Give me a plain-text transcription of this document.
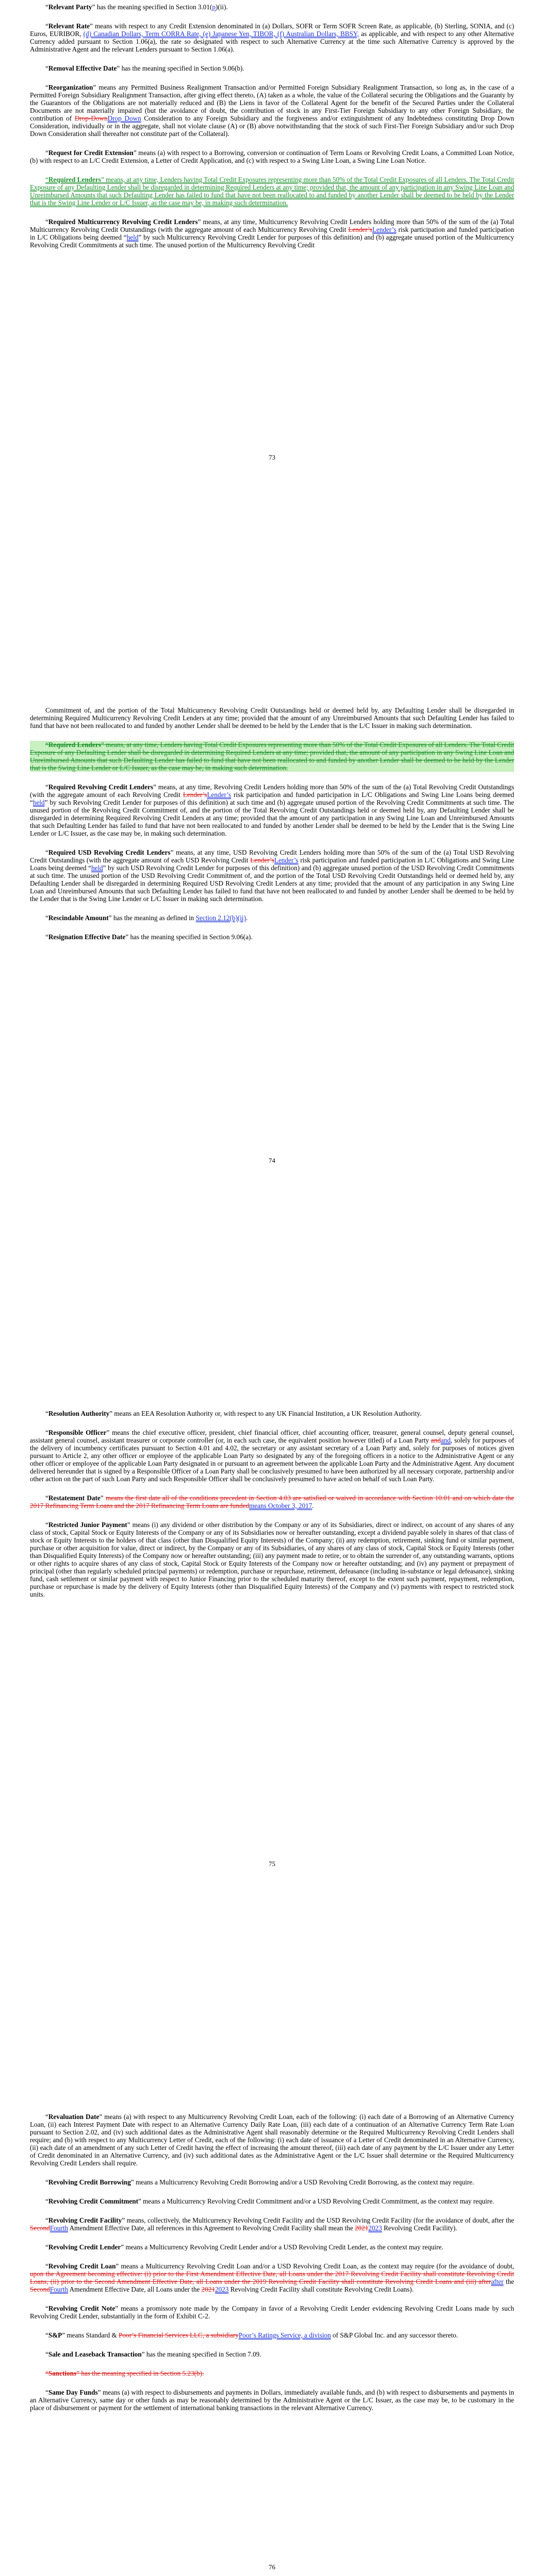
“Relevant Party” has the meaning specified in Section 3.01(p)(ii).

“Relevant Rate” means with respect to any Credit Extension denominated in (a) Dollars, SOFR or Term SOFR Screen Rate, as applicable, (b) Sterling, SONIA, and (c) Euros, EURIBOR, (d) Canadian Dollars, Term CORRA Rate, (e) Japanese Yen, TIBOR, (f) Australian Dollars, BBSY, as applicable, and with respect to any other Alternative Currency added pursuant to Section 1.06(a), the rate so designated with respect to such Alternative Currency at the time such Alternative Currency is approved by the Administrative Agent and the relevant Lenders pursuant to Section 1.06(a).

“Removal Effective Date” has the meaning specified in Section 9.06(b).

“Reorganization” means any Permitted Business Realignment Transaction and/or Permitted Foreign Subsidiary Realignment Transaction, so long as, in the case of a Permitted Foreign Subsidiary Realignment Transaction, after giving effect thereto, (A) taken as a whole, the value of the Collateral securing the Obligations and the Guaranty by the Guarantors of the Obligations are not materially reduced and (B) the Liens in favor of the Collateral Agent for the benefit of the Secured Parties under the Collateral Documents are not materially impaired (but the avoidance of doubt, the contribution of stock in any First-Tier Foreign Subsidiary to any other Foreign Subsidiary, the contribution of Drop-DownDrop Down Consideration to any Foreign Subsidiary and the forgiveness and/or extinguishment of any Indebtedness constituting Drop Down Consideration, individually or in the aggregate, shall not violate clause (A) or (B) above notwithstanding that the stock of such First-Tier Foreign Subsidiary and/or such Drop Down Consideration shall thereafter not constitute part of the Collateral).

“Request for Credit Extension” means (a) with respect to a Borrowing, conversion or continuation of Term Loans or Revolving Credit Loans, a Committed Loan Notice, (b) with respect to an L/C Credit Extension, a Letter of Credit Application, and (c) with respect to a Swing Line Loan, a Swing Line Loan Notice.

“Required Lenders” means, at any time, Lenders having Total Credit Exposures representing more than 50% of the Total Credit Exposures of all Lenders. The Total Credit Exposure of any Defaulting Lender shall be disregarded in determining Required Lenders at any time; provided that, the amount of any participation in any Swing Line Loan and Unreimbursed Amounts that such Defaulting Lender has failed to fund that have not been reallocated to and funded by another Lender shall be deemed to be held by the Lender that is the Swing Line Lender or L/C Issuer, as the case may be, in making such determination.

“Required Multicurrency Revolving Credit Lenders” means, at any time, Multicurrency Revolving Credit Lenders holding more than 50% of the sum of the (a) Total Multicurrency Revolving Credit Outstandings (with the aggregate amount of each Multicurrency Revolving Credit Lender’sLender’s risk participation and funded participation in L/C Obligations being deemed “held” by such Multicurrency Revolving Credit Lender for purposes of this definition) and (b) aggregate unused portion of the Multicurrency Revolving Credit Commitments at such time. The unused portion of the Multicurrency Revolving Credit

73

Commitment of, and the portion of the Total Multicurrency Revolving Credit Outstandings held or deemed held by, any Defaulting Lender shall be disregarded in determining Required Multicurrency Revolving Credit Lenders at any time; provided that the amount of any Unreimbursed Amounts that such Defaulting Lender has failed to fund that have not been reallocated to and funded by another Lender shall be deemed to be held by the Lender that is the L/C Issuer in making such determination.

“Required Lenders” means, at any time, Lenders having Total Credit Exposures representing more than 50% of the Total Credit Exposures of all Lenders. The Total Credit Exposure of any Defaulting Lender shall be disregarded in determining Required Lenders at any time; provided that, the amount of any participation in any Swing Line Loan and Unreimbursed Amounts that such Defaulting Lender has failed to fund that have not been reallocated to and funded by another Lender shall be deemed to be held by the Lender that is the Swing Line Lender or L/C Issuer, as the case may be, in making such determination.

“Required Revolving Credit Lenders” means, at any time, Revolving Credit Lenders holding more than 50% of the sum of the (a) Total Revolving Credit Outstandings (with the aggregate amount of each Revolving Credit Lender’sLender’s risk participation and funded participation in L/C Obligations and Swing Line Loans being deemed “held” by such Revolving Credit Lender for purposes of this definition) at such time and (b) aggregate unused portion of the Revolving Credit Commitments at such time. The unused portion of the Revolving Credit Commitment of, and the portion of the Total Revolving Credit Outstandings held or deemed held by, any Defaulting Lender shall be disregarded in determining Required Revolving Credit Lenders at any time; provided that the amount of any participation in any Swing Line Loan and Unreimbursed Amounts that such Defaulting Lender has failed to fund that have not been reallocated to and funded by another Lender shall be deemed to be held by the Lender that is the Swing Line Lender or L/C Issuer, as the case may be, in making such determination.

“Required USD Revolving Credit Lenders” means, at any time, USD Revolving Credit Lenders holding more than 50% of the sum of the (a) Total USD Revolving Credit Outstandings (with the aggregate amount of each USD Revolving Credit Lender’sLender’s risk participation and funded participation in L/C Obligations and Swing Line Loans being deemed “held” by such USD Revolving Credit Lender for purposes of this definition) and (b) aggregate unused portion of the USD Revolving Credit Commitments at such time. The unused portion of the USD Revolving Credit Commitment of, and the portion of the Total USD Revolving Credit Outstandings held or deemed held by, any Defaulting Lender shall be disregarded in determining Required USD Revolving Credit Lenders at any time; provided that the amount of any participation in any Swing Line Loan and Unreimbursed Amounts that such Defaulting Lender has failed to fund that have not been reallocated to and funded by another Lender shall be deemed to be held by the Lender that is the Swing Line Lender or L/C Issuer in making such determination.

“Rescindable Amount” has the meaning as defined in Section 2.12(b)(ii).

“Resignation Effective Date” has the meaning specified in Section 9.06(a).

74

“Resolution Authority” means an EEA Resolution Authority or, with respect to any UK Financial Institution, a UK Resolution Authority.

“Responsible Officer” means the chief executive officer, president, chief financial officer, chief accounting officer, treasurer, general counsel, deputy general counsel, assistant general counsel, assistant treasurer or corporate controller (or, in each such case, the equivalent position however titled) of a Loan Party andand, solely for purposes of the delivery of incumbency certificates pursuant to Section 4.01 and 4.02, the secretary or any assistant secretary of a Loan Party and, solely for purposes of notices given pursuant to Article 2, any other officer or employee of the applicable Loan Party so designated by any of the foregoing officers in a notice to the Administrative Agent or any other officer or employee of the applicable Loan Party designated in or pursuant to an agreement between the applicable Loan Party and the Administrative Agent. Any document delivered hereunder that is signed by a Responsible Officer of a Loan Party shall be conclusively presumed to have been authorized by all necessary corporate, partnership and/or other action on the part of such Loan Party and such Responsible Officer shall be conclusively presumed to have acted on behalf of such Loan Party.

“Restatement Date” means the first date all of the conditions precedent in Section 4.03 are satisfied or waived in accordance with Section 10.01 and on which date the 2017 Refinancing Term Loans and the 2017 Refinancing Term Loans are fundedmeans October 3, 2017.

“Restricted Junior Payment” means (i) any dividend or other distribution by the Company or any of its Subsidiaries, direct or indirect, on account of any shares of any class of stock, Capital Stock or Equity Interests of the Company or any of its Subsidiaries now or hereafter outstanding, except a dividend payable solely in shares of that class of stock or Equity Interests to the holders of that class (other than Disqualified Equity Interests) of the Company; (ii) any redemption, retirement, sinking fund or similar payment, purchase or other acquisition for value, direct or indirect, by the Company or any of its Subsidiaries, of any shares of any class of stock, Capital Stock or Equity Interests (other than Disqualified Equity Interests) of the Company now or hereafter outstanding; (iii) any payment made to retire, or to obtain the surrender of, any outstanding warrants, options or other rights to acquire shares of any class of stock, Capital Stock or Equity Interests of the Company now or hereafter outstanding; and (iv) any payment or prepayment of principal (other than regularly scheduled principal payments) or redemption, purchase or repurchase, retirement, defeasance (including in-substance or legal defeasance), sinking fund, cash settlement or similar payment with respect to Junior Financing prior to the scheduled maturity thereof, except to the extent such payment, repayment, redemption, purchase or repurchase is made by the delivery of Equity Interests (other than Disqualified Equity Interests) of the Company and (v) payments with respect to restricted stock units.

75

“Revaluation Date” means (a) with respect to any Multicurrency Revolving Credit Loan, each of the following: (i) each date of a Borrowing of an Alternative Currency Loan, (ii) each Interest Payment Date with respect to an Alternative Currency Daily Rate Loan, (iii) each date of a continuation of an Alternative Currency Term Rate Loan pursuant to Section 2.02, and (iv) such additional dates as the Administrative Agent shall reasonably determine or the Required Multicurrency Revolving Credit Lenders shall require; and (b) with respect to any Multicurrency Letter of Credit, each of the following: (i) each date of issuance of a Letter of Credit denominated in an Alternative Currency, (ii) each date of an amendment of any such Letter of Credit having the effect of increasing the amount thereof, (iii) each date of any payment by the L/C Issuer under any Letter of Credit denominated in an Alternative Currency, and (iv) such additional dates as the Administrative Agent or the L/C Issuer shall determine or the Required Multicurrency Revolving Credit Lenders shall require.

“Revolving Credit Borrowing” means a Multicurrency Revolving Credit Borrowing and/or a USD Revolving Credit Borrowing, as the context may require.

“Revolving Credit Commitment” means a Multicurrency Revolving Credit Commitment and/or a USD Revolving Credit Commitment, as the context may require.

“Revolving Credit Facility” means, collectively, the Multicurrency Revolving Credit Facility and the USD Revolving Credit Facility (for the avoidance of doubt, after the SecondFourth Amendment Effective Date, all references in this Agreement to Revolving Credit Facility shall mean the 20212023 Revolving Credit Facility).

“Revolving Credit Lender” means a Multicurrency Revolving Credit Lender and/or a USD Revolving Credit Lender, as the context may require.

“Revolving Credit Loan” means a Multicurrency Revolving Credit Loan and/or a USD Revolving Credit Loan, as the context may require (for the avoidance of doubt, upon the Agreement becoming effective: (i) prior to the First Amendment Effective Date, all Loans under the 2017 Revolving Credit Facility shall constitute Revolving Credit Loans, (ii) prior to the Second Amendment Effective Date, all Loans under the 2019 Revolving Credit Facility shall constitute Revolving Credit Loans and (iii) afterafter the SecondFourth Amendment Effective Date, all Loans under the 20212023 Revolving Credit Facility shall constitute Revolving Credit Loans).

“Revolving Credit Note” means a promissory note made by the Company in favor of a Revolving Credit Lender evidencing Revolving Credit Loans made by such Revolving Credit Lender, substantially in the form of Exhibit C-2.

“S&P” means Standard & Poor’s Financial Services LLC, a subsidiaryPoor’s Ratings Service, a division of S&P Global Inc. and any successor thereto.

“Sale and Leaseback Transaction” has the meaning specified in Section 7.09.

“Sanctions” has the meaning specified in Section 5.23(b).

“Same Day Funds” means (a) with respect to disbursements and payments in Dollars, immediately available funds, and (b) with respect to disbursements and payments in an Alternative Currency, same day or other funds as may be reasonably determined by the Administrative Agent or the L/C Issuer, as the case may be, to be customary in the place of disbursement or payment for the settlement of international banking transactions in the relevant Alternative Currency.

76
